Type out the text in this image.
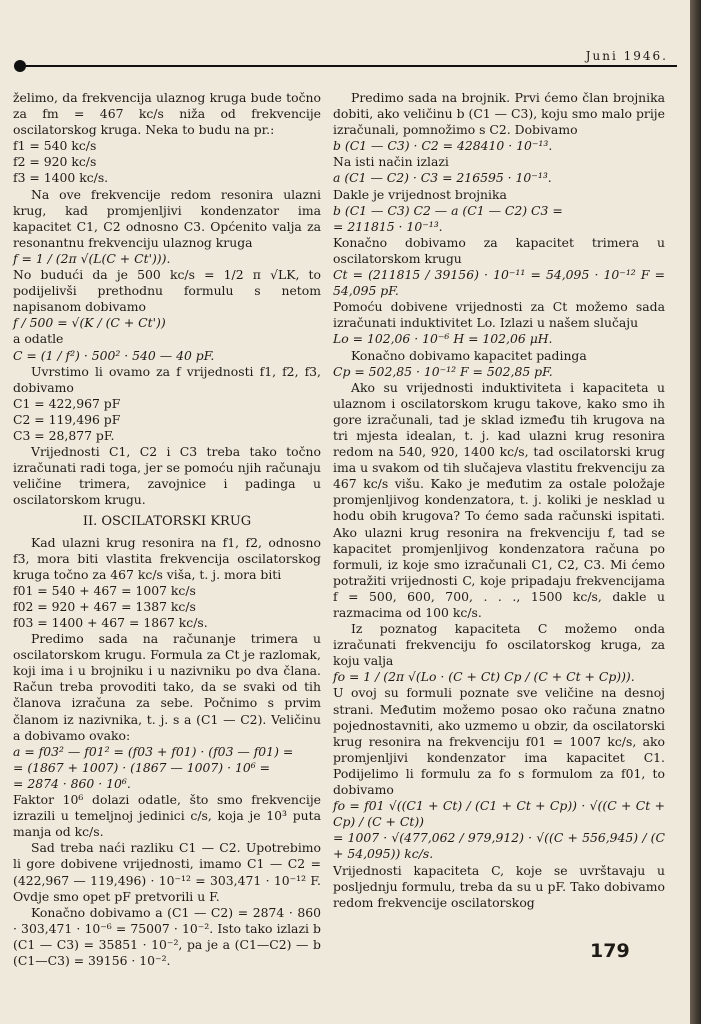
Juni 1946.

želimo, da frekvencija ulaznog kruga bude točno za fm = 467 kc/s niža od frekvencije oscilatorskog kruga. Neka to budu na pr.:

f1 = 540 kc/s

f2 = 920 kc/s

f3 = 1400 kc/s.

Na ove frekvencije redom resonira ulazni krug, kad promjenljivi kondenzator ima kapacitet C1, C2 odnosno C3. Općenito valja za resonantnu frekvenciju ulaznog kruga

f = 1 / (2π √(L(C + Ct'))).

No budući da je 500 kc/s = 1/2 π √LK, to podijelivši prethodnu formulu s netom napisanom dobivamo

f / 500 = √(K / (C + Ct'))

a odatle

C = (1 / f²) · 500² · 540 — 40 pF.

Uvrstimo li ovamo za f vrijednosti f1, f2, f3, dobivamo

C1 = 422,967 pF

C2 = 119,496 pF

C3 = 28,877 pF.

Vrijednosti C1, C2 i C3 treba tako točno izračunati radi toga, jer se pomoću njih računaju veličine trimera, zavojnice i padinga u oscilatorskom krugu.

II. OSCILATORSKI KRUG

Kad ulazni krug resonira na f1, f2, odnosno f3, mora biti vlastita frekvencija oscilatorskog kruga točno za 467 kc/s viša, t. j. mora biti

f01 = 540 + 467 = 1007 kc/s

f02 = 920 + 467 = 1387 kc/s

f03 = 1400 + 467 = 1867 kc/s.

Predimo sada na računanje trimera u oscilatorskom krugu. Formula za Ct je razlomak, koji ima i u brojniku i u nazivniku po dva člana. Račun treba provoditi tako, da se svaki od tih članova izračuna za sebe. Počnimo s prvim članom iz nazivnika, t. j. s a (C1 — C2). Veličinu a dobivamo ovako:

a = f03² — f01² = (f03 + f01) · (f03 — f01) =

= (1867 + 1007) · (1867 — 1007) · 10⁶ =

= 2874 · 860 · 10⁶.

Faktor 10⁶ dolazi odatle, što smo frekvencije izrazili u temeljnoj jedinici c/s, koja je 10³ puta manja od kc/s.

Sad treba naći razliku C1 — C2. Upotrebimo li gore dobivene vrijednosti, imamo C1 — C2 = (422,967 — 119,496) · 10⁻¹² = 303,471 · 10⁻¹² F. Ovdje smo opet pF pretvorili u F.

Konačno dobivamo a (C1 — C2) = 2874 · 860 · 303,471 · 10⁻⁶ = 75007 · 10⁻². Isto tako izlazi b (C1 — C3) = 35851 · 10⁻², pa je a (C1—C2) — b (C1—C3) = 39156 · 10⁻².

Predimo sada na brojnik. Prvi ćemo član brojnika dobiti, ako veličinu b (C1 — C3), koju smo malo prije izračunali, pomnožimo s C2. Dobivamo

b (C1 — C3) · C2 = 428410 · 10⁻¹³.

Na isti način izlazi

a (C1 — C2) · C3 = 216595 · 10⁻¹³.

Dakle je vrijednost brojnika

b (C1 — C3) C2 — a (C1 — C2) C3 =

= 211815 · 10⁻¹³.

Konačno dobivamo za kapacitet trimera u oscilatorskom krugu

Ct = (211815 / 39156) · 10⁻¹¹ = 54,095 · 10⁻¹² F = 54,095 pF.

Pomoću dobivene vrijednosti za Ct možemo sada izračunati induktivitet Lo. Izlazi u našem slučaju

Lo = 102,06 · 10⁻⁶ H = 102,06 μH.

Konačno dobivamo kapacitet padinga

Cp = 502,85 · 10⁻¹² F = 502,85 pF.

Ako su vrijednosti induktiviteta i kapaciteta u ulaznom i oscilatorskom krugu takove, kako smo ih gore izračunali, tad je sklad između tih krugova na tri mjesta idealan, t. j. kad ulazni krug resonira redom na 540, 920, 1400 kc/s, tad oscilatorski krug ima u svakom od tih slučajeva vlastitu frekvenciju za 467 kc/s višu. Kako je međutim za ostale položaje promjenljivog kondenzatora, t. j. koliki je nesklad u hodu obih krugova? To ćemo sada računski ispitati. Ako ulazni krug resonira na frekvenciju f, tad se kapacitet promjenljivog kondenzatora računa po formuli, iz koje smo izračunali C1, C2, C3. Mi ćemo potražiti vrijednosti C, koje pripadaju frekvencijama f = 500, 600, 700, . . ., 1500 kc/s, dakle u razmacima od 100 kc/s.

Iz poznatog kapaciteta C možemo onda izračunati frekvenciju fo oscilatorskog kruga, za koju valja

fo = 1 / (2π √(Lo · (C + Ct) Cp / (C + Ct + Cp))).

U ovoj su formuli poznate sve veličine na desnoj strani. Međutim možemo posao oko računa znatno pojednostavniti, ako uzmemo u obzir, da oscilatorski krug resonira na frekvenciju f01 = 1007 kc/s, ako promjenljivi kondenzator ima kapacitet C1. Podijelimo li formulu za fo s formulom za f01, to dobivamo

fo = f01 √((C1 + Ct) / (C1 + Ct + Cp)) · √((C + Ct + Cp) / (C + Ct))

= 1007 · √(477,062 / 979,912) · √((C + 556,945) / (C + 54,095)) kc/s.

Vrijednosti kapaciteta C, koje se uvrštavaju u posljednju formulu, treba da su u pF. Tako dobivamo redom frekvencije oscilatorskog

179
